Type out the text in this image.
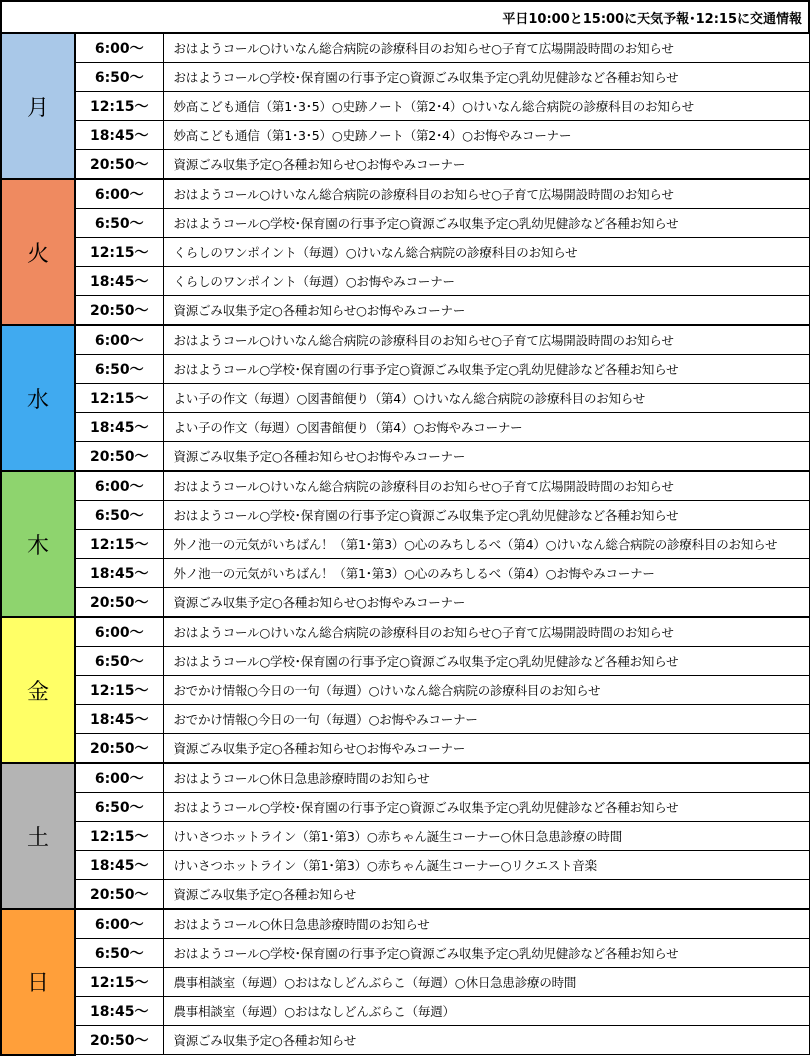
平日10:00と15:00に天気予報･12:15に交通情報		
月	6:00～	おはようコール○けいなん総合病院の診療科目のお知らせ○子育て広場開設時間のお知らせ
	6:50～	おはようコール○学校･保育園の行事予定○資源ごみ収集予定○乳幼児健診など各種お知らせ
	12:15～	妙高こども通信（第1･3･5）○史跡ノート（第2･4）○けいなん総合病院の診療科目のお知らせ
	18:45～	妙高こども通信（第1･3･5）○史跡ノート（第2･4）○お悔やみコーナー
	20:50～	資源ごみ収集予定○各種お知らせ○お悔やみコーナー
火	6:00～	おはようコール○けいなん総合病院の診療科目のお知らせ○子育て広場開設時間のお知らせ
	6:50～	おはようコール○学校･保育園の行事予定○資源ごみ収集予定○乳幼児健診など各種お知らせ
	12:15～	くらしのワンポイント（毎週）○けいなん総合病院の診療科目のお知らせ
	18:45～	くらしのワンポイント（毎週）○お悔やみコーナー
	20:50～	資源ごみ収集予定○各種お知らせ○お悔やみコーナー
水	6:00～	おはようコール○けいなん総合病院の診療科目のお知らせ○子育て広場開設時間のお知らせ
	6:50～	おはようコール○学校･保育園の行事予定○資源ごみ収集予定○乳幼児健診など各種お知らせ
	12:15～	よい子の作文（毎週）○図書館便り（第4）○けいなん総合病院の診療科目のお知らせ
	18:45～	よい子の作文（毎週）○図書館便り（第4）○お悔やみコーナー
	20:50～	資源ごみ収集予定○各種お知らせ○お悔やみコーナー
木	6:00～	おはようコール○けいなん総合病院の診療科目のお知らせ○子育て広場開設時間のお知らせ
	6:50～	おはようコール○学校･保育園の行事予定○資源ごみ収集予定○乳幼児健診など各種お知らせ
	12:15～	外ノ池一の元気がいちばん！（第1･第3）○心のみちしるべ（第4）○けいなん総合病院の診療科目のお知らせ
	18:45～	外ノ池一の元気がいちばん！（第1･第3）○心のみちしるべ（第4）○お悔やみコーナー
	20:50～	資源ごみ収集予定○各種お知らせ○お悔やみコーナー
金	6:00～	おはようコール○けいなん総合病院の診療科目のお知らせ○子育て広場開設時間のお知らせ
	6:50～	おはようコール○学校･保育園の行事予定○資源ごみ収集予定○乳幼児健診など各種お知らせ
	12:15～	おでかけ情報○今日の一句（毎週）○けいなん総合病院の診療科目のお知らせ
	18:45～	おでかけ情報○今日の一句（毎週）○お悔やみコーナー
	20:50～	資源ごみ収集予定○各種お知らせ○お悔やみコーナー
土	6:00～	おはようコール○休日急患診療時間のお知らせ
	6:50～	おはようコール○学校･保育園の行事予定○資源ごみ収集予定○乳幼児健診など各種お知らせ
	12:15～	けいさつホットライン（第1･第3）○赤ちゃん誕生コーナー○休日急患診療の時間
	18:45～	けいさつホットライン（第1･第3）○赤ちゃん誕生コーナー○リクエスト音楽
	20:50～	資源ごみ収集予定○各種お知らせ
日	6:00～	おはようコール○休日急患診療時間のお知らせ
	6:50～	おはようコール○学校･保育園の行事予定○資源ごみ収集予定○乳幼児健診など各種お知らせ
	12:15～	農事相談室（毎週）○おはなしどんぶらこ（毎週）○休日急患診療の時間
	18:45～	農事相談室（毎週）○おはなしどんぶらこ（毎週）
	20:50～	資源ごみ収集予定○各種お知らせ
